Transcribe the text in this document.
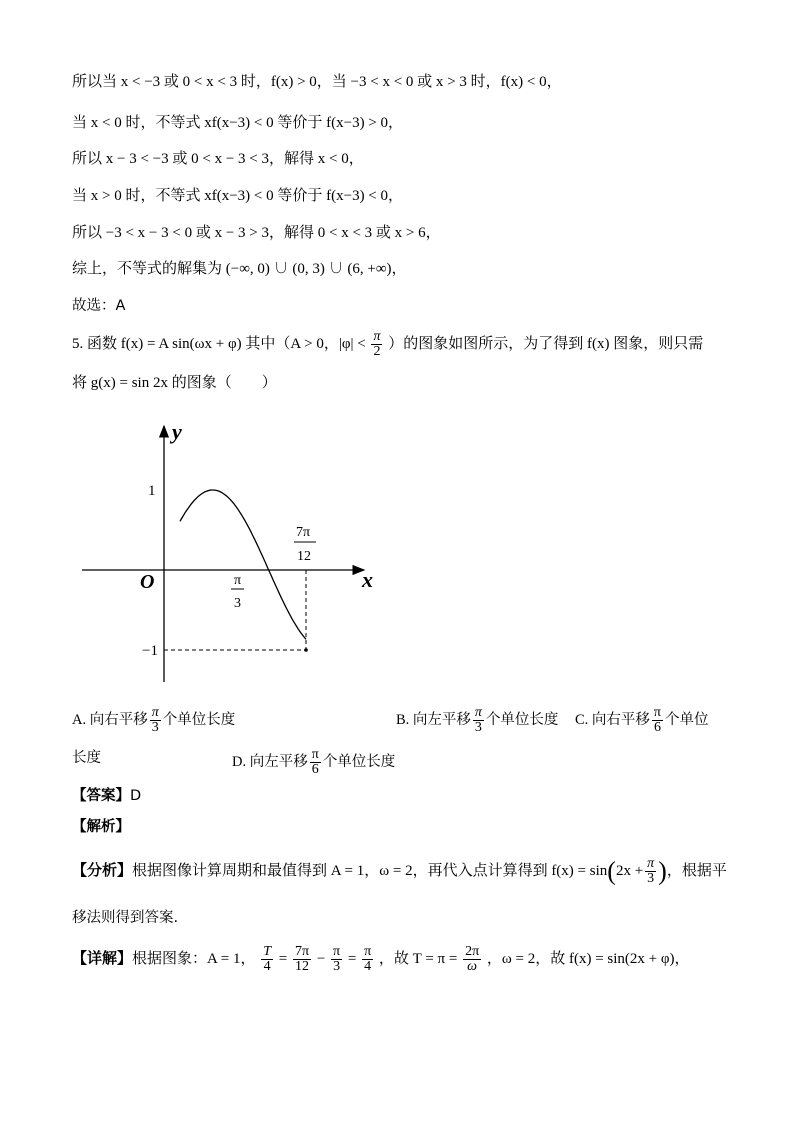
所以当 x < −3 或 0 < x < 3 时，f(x) > 0，当 −3 < x < 0 或 x > 3 时，f(x) < 0，
当 x < 0 时，不等式 xf(x−3) < 0 等价于 f(x−3) > 0，
所以 x − 3 < −3 或 0 < x − 3 < 3，解得 x < 0，
当 x > 0 时，不等式 xf(x−3) < 0 等价于 f(x−3) < 0，
所以 −3 < x − 3 < 0 或 x − 3 > 3，解得 0 < x < 3 或 x > 6，
综上，不等式的解集为 (−∞, 0) ∪ (0, 3) ∪ (6, +∞)，
故选：A
5. 函数 f(x) = A sin(ωx + φ) 其中（A > 0，$|\varphi| < \frac{\pi}{2}$ ）的图象如图所示，为了得到 f(x) 图象，则只需
将 g(x) = sin 2x 的图象（　　）
y
x
O
1
−1
π
3
7π
12
A. 向右平移 $\frac{\pi}{3}$ 个单位长度	B. 向左平移 $\frac{\pi}{3}$ 个单位长度 C. 向右平移 $\frac{\pi}{6}$ 个单位
长度	D. 向左平移 $\frac{\pi}{6}$ 个单位长度
【答案】D
【解析】
【分析】根据图像计算周期和最值得到 A = 1，ω = 2，再代入点计算得到 $f(x) = \sin(2x + \frac{\pi}{3}$ )，根据平
移法则得到答案.
【详解】根据图象：A = 1， $\frac{T}{4} = \frac{7\pi}{12} - \frac{\pi}{3} = \frac{\pi}{4}$ ，故 $T = \pi = \frac{2\pi}{\omega}$ ，ω = 2，故 f(x) = sin(2x + φ)，
